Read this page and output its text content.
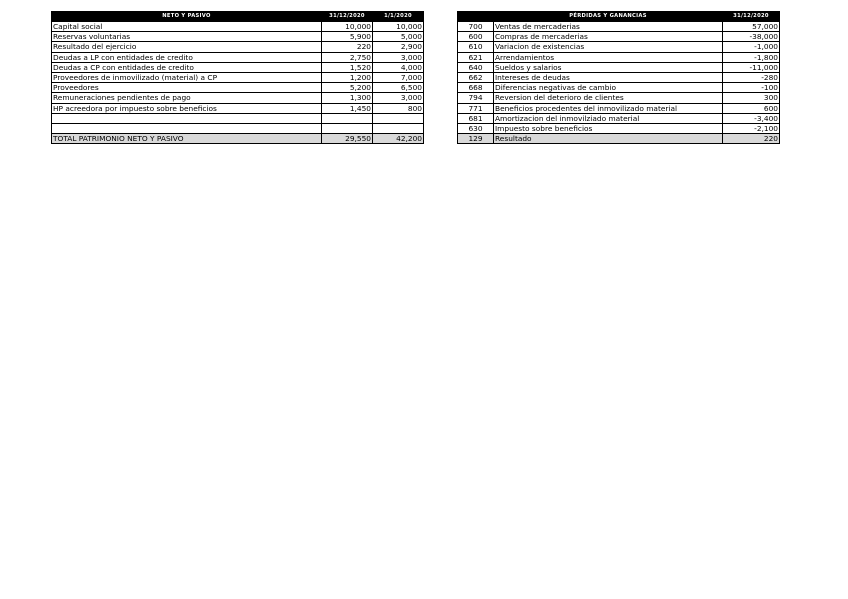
NETO Y PASIVO	31/12/2020	1/1/2020
Capital social	10,000	10,000
Reservas voluntarias	5,900	5,000
Resultado del ejercicio	220	2,900
Deudas a LP con entidades de credito	2,750	3,000
Deudas a CP con entidades de credito	1,520	4,000
Proveedores de inmovilizado (material) a CP	1,200	7,000
Proveedores	5,200	6,500
Remuneraciones pendientes de pago	1,300	3,000
HP acreedora por impuesto sobre beneficios	1,450	800

TOTAL PATRIMONIO NETO Y PASIVO	29,550	42,200
	PÉRDIDAS Y GANANCIAS	31/12/2020
700	Ventas de mercaderias	57,000
600	Compras de mercaderias	-38,000
610	Variacion de existencias	-1,000
621	Arrendamientos	-1,800
640	Sueldos y salarios	-11,000
662	Intereses de deudas	-280
668	Diferencias negativas de cambio	-100
794	Reversion del deterioro de clientes	300
771	Beneficios procedentes del inmovilizado material	600
681	Amortizacion del inmovilziado material	-3,400
630	Impuesto sobre beneficios	-2,100
129	Resultado	220
